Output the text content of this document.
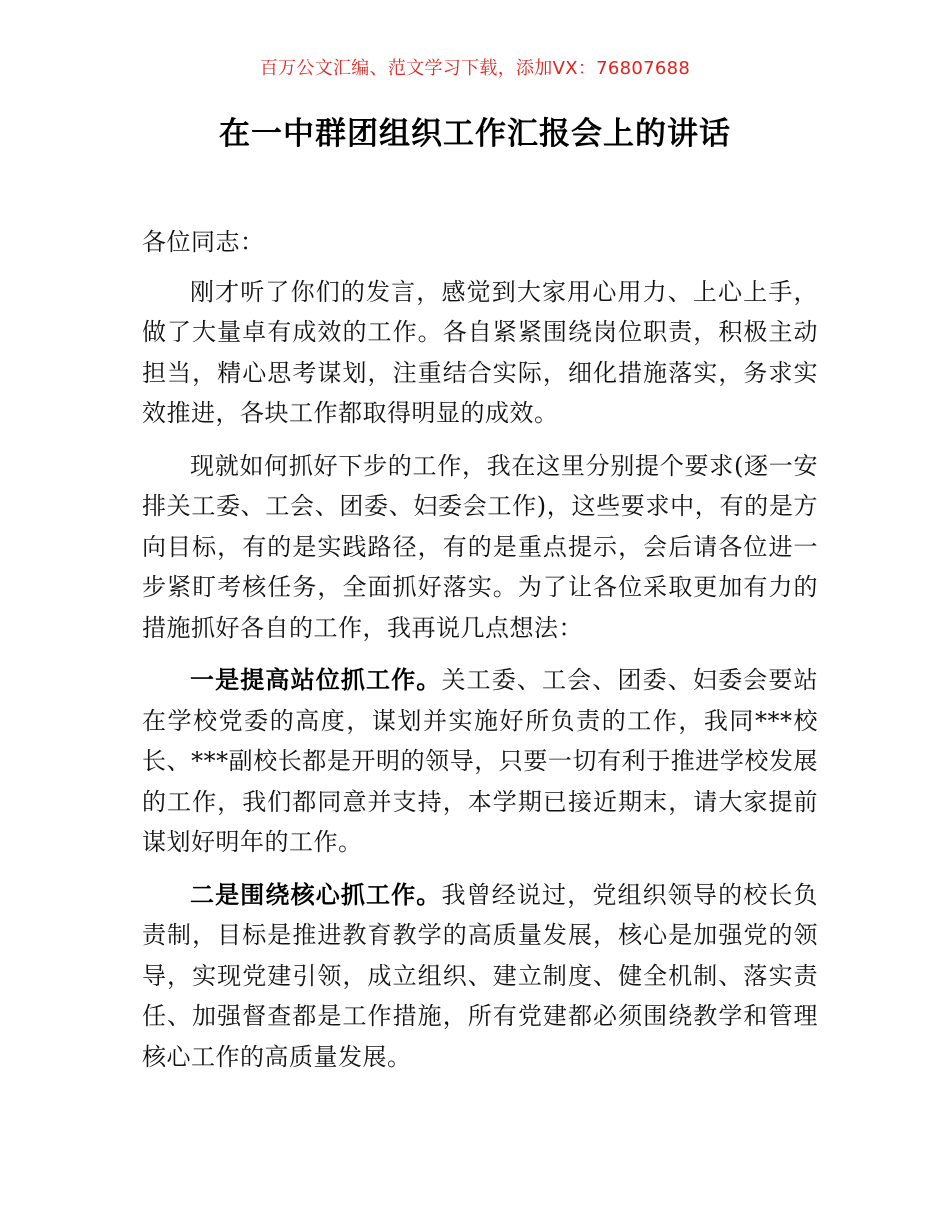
百万公文汇编、范文学习下载，添加VX：76807688
在一中群团组织工作汇报会上的讲话

各位同志：

刚才听了你们的发言，感觉到大家用心用力、上心上手，做了大量卓有成效的工作。各自紧紧围绕岗位职责，积极主动担当，精心思考谋划，注重结合实际，细化措施落实，务求实效推进，各块工作都取得明显的成效。

现就如何抓好下步的工作，我在这里分别提个要求(逐一安排关工委、工会、团委、妇委会工作)，这些要求中，有的是方向目标，有的是实践路径，有的是重点提示，会后请各位进一步紧盯考核任务，全面抓好落实。为了让各位采取更加有力的措施抓好各自的工作，我再说几点想法：

一是提高站位抓工作。关工委、工会、团委、妇委会要站在学校党委的高度，谋划并实施好所负责的工作，我同***校长、***副校长都是开明的领导，只要一切有利于推进学校发展的工作，我们都同意并支持，本学期已接近期末，请大家提前谋划好明年的工作。

二是围绕核心抓工作。我曾经说过，党组织领导的校长负责制，目标是推进教育教学的高质量发展，核心是加强党的领导，实现党建引领，成立组织、建立制度、健全机制、落实责任、加强督查都是工作措施，所有党建都必须围绕教学和管理核心工作的高质量发展。
